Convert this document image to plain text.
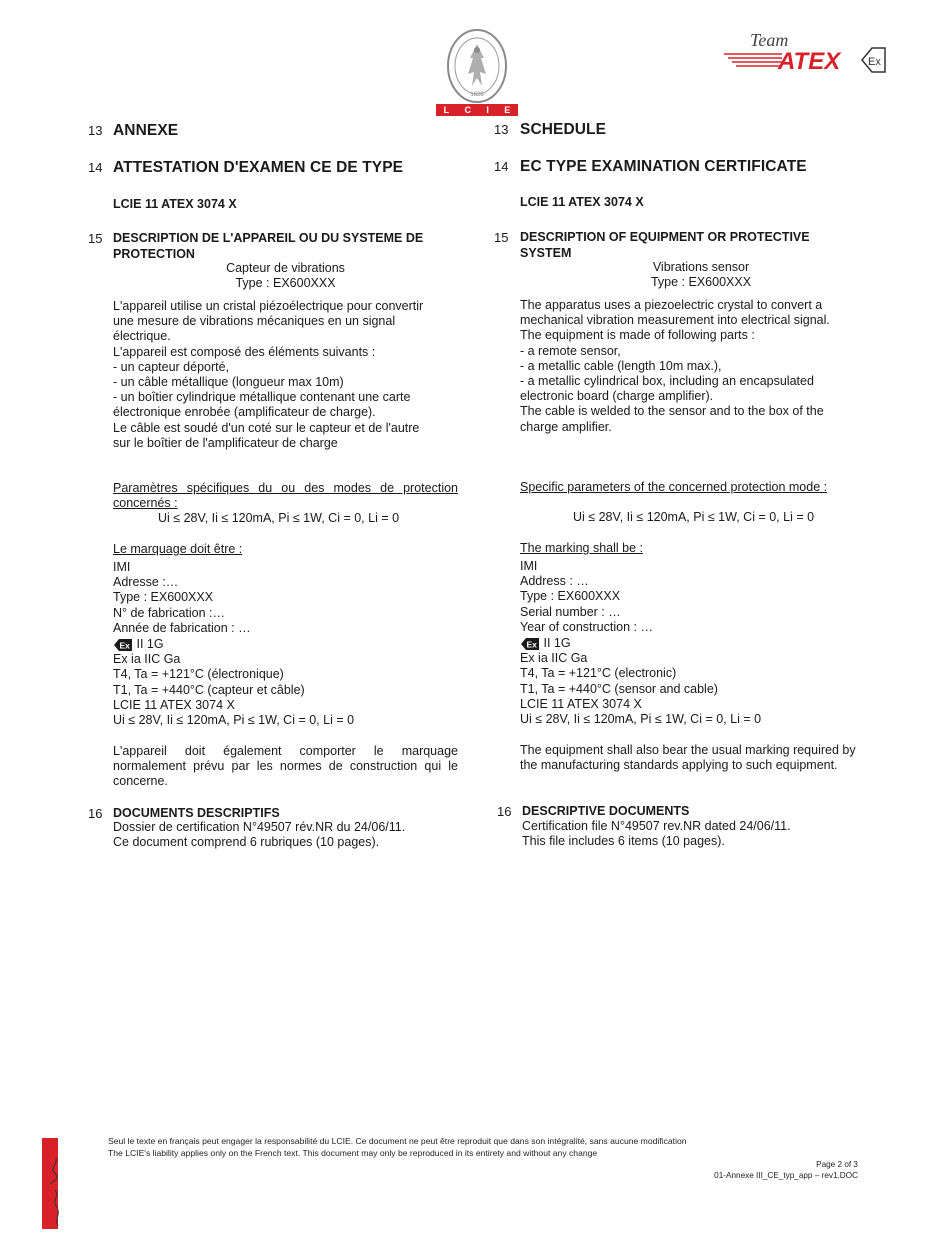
1828
L C I E
Team
ATEX	Ex
13 ANNEXE
14 ATTESTATION D'EXAMEN CE DE TYPE
LCIE 11 ATEX 3074 X
15 DESCRIPTION DE L'APPAREIL OU DU SYSTEME DE
PROTECTION
Capteur de vibrations
Type : EX600XXX
L'appareil utilise un cristal piézoélectrique pour convertir
une mesure de vibrations mécaniques en un signal
électrique.
L'appareil est composé des éléments suivants :
- un capteur déporté,
- un câble métallique (longueur max 10m)
- un boîtier cylindrique métallique contenant une carte
électronique enrobée (amplificateur de charge).
Le câble est soudé d'un coté sur le capteur et de l'autre
sur le boîtier de l'amplificateur de charge
Paramètres spécifiques du ou des modes de protection
concernés :
Ui ≤ 28V, Ii ≤ 120mA, Pi ≤ 1W, Ci = 0, Li = 0
Le marquage doit être :
IMI
Adresse :…
Type : EX600XXX
N° de fabrication :…
Année de fabrication : …
Ex II 1G
Ex ia IIC Ga
T4, Ta = +121°C (électronique)
T1, Ta = +440°C (capteur et câble)
LCIE 11 ATEX 3074 X
Ui ≤ 28V, Ii ≤ 120mA, Pi ≤ 1W, Ci = 0, Li = 0
L'appareil doit également comporter le marquage
normalement prévu par les normes de construction qui le
concerne.
16 DOCUMENTS DESCRIPTIFS
Dossier de certification N°49507 rév.NR du 24/06/11.
Ce document comprend 6 rubriques (10 pages).
13 SCHEDULE
14 EC TYPE EXAMINATION CERTIFICATE
LCIE 11 ATEX 3074 X
15 DESCRIPTION OF EQUIPMENT OR PROTECTIVE
SYSTEM
Vibrations sensor
Type : EX600XXX
The apparatus uses a piezoelectric crystal to convert a
mechanical vibration measurement into electrical signal.
The equipment is made of following parts :
- a remote sensor,
- a metallic cable (length 10m max.),
- a metallic cylindrical box, including an encapsulated
electronic board (charge amplifier).
The cable is welded to the sensor and to the box of the
charge amplifier.
Specific parameters of the concerned protection mode :
Ui ≤ 28V, Ii ≤ 120mA, Pi ≤ 1W, Ci = 0, Li = 0
The marking shall be :
IMI
Address : …
Type : EX600XXX
Serial number : …
Year of construction : …
Ex II 1G
Ex ia IIC Ga
T4, Ta = +121°C (electronic)
T1, Ta = +440°C (sensor and cable)
LCIE 11 ATEX 3074 X
Ui ≤ 28V, Ii ≤ 120mA, Pi ≤ 1W, Ci = 0, Li = 0
The equipment shall also bear the usual marking required by
the manufacturing standards applying to such equipment.
16 DESCRIPTIVE DOCUMENTS
Certification file N°49507 rev.NR dated 24/06/11.
This file includes 6 items (10 pages).
Seul le texte en français peut engager la responsabilité du LCIE. Ce document ne peut être reproduit que dans son intégralité, sans aucune modification
The LCIE's liability applies only on the French text. This document may only be reproduced in its entirety and without any change
Page 2 of 3
01-Annexe III_CE_typ_app – rev1.DOC
